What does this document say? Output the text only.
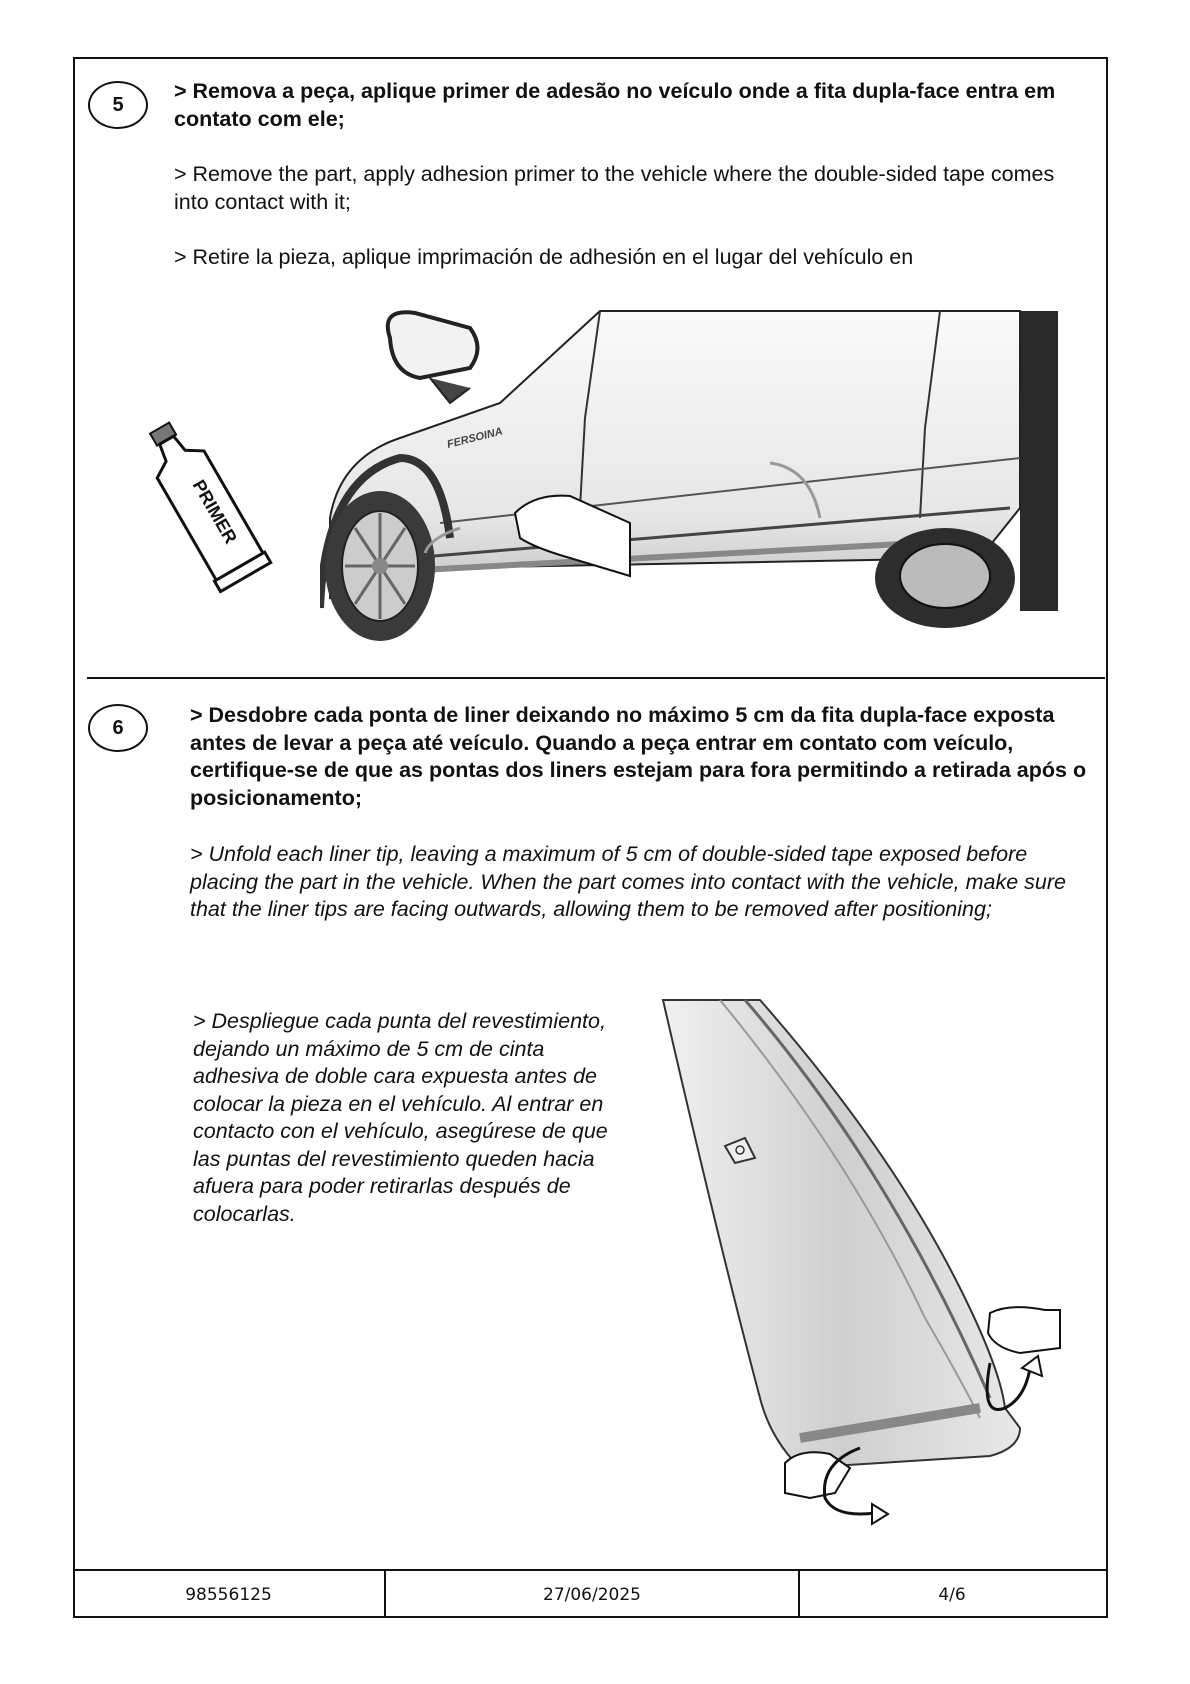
5
> Remova a peça, aplique primer de adesão no veículo onde a fita dupla-face entra em contato com ele;
> Remove the part, apply adhesion primer to the vehicle where the double-sided tape comes into contact with it;
> Retire la pieza, aplique imprimación de adhesión en el lugar del vehículo en
PRIMER
FERSOINA
6
> Desdobre cada ponta de liner deixando no máximo 5 cm da fita dupla-face exposta antes de levar a peça até veículo. Quando a peça entrar em contato com veículo, certifique-se de que as pontas dos liners estejam para fora permitindo a retirada após o posicionamento;
> Unfold each liner tip, leaving a maximum of 5 cm of double-sided tape exposed before placing the part in the vehicle. When the part comes into contact with the vehicle, make sure that the liner tips are facing outwards, allowing them to be removed after positioning;
> Despliegue cada punta del revestimiento, dejando un máximo de 5 cm de cinta adhesiva de doble cara expuesta antes de colocar la pieza en el vehículo. Al entrar en contacto con el vehículo, asegúrese de que las puntas del revestimiento queden hacia afuera para poder retirarlas después de colocarlas.
98556125	27/06/2025	4/6
